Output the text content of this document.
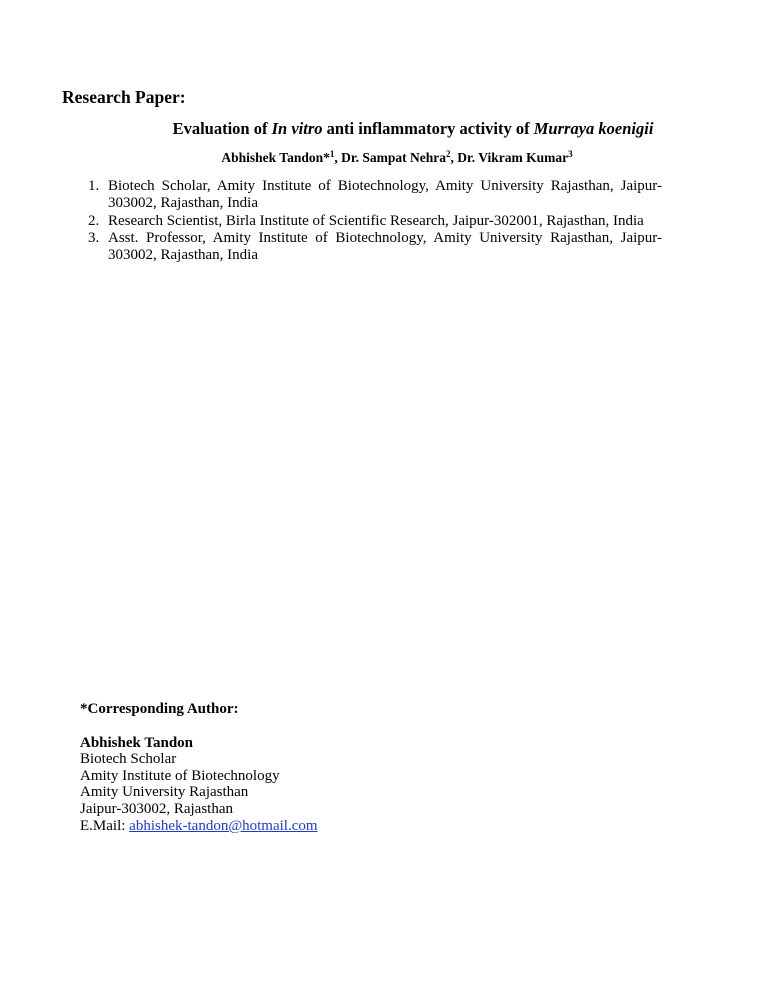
Research Paper:

Evaluation of In vitro anti inflammatory activity of Murraya koenigii

Abhishek Tandon*$^1$, Dr. Sampat Nehra$^2$, Dr. Vikram Kumar$^3$

1. Biotech Scholar, Amity Institute of Biotechnology, Amity University Rajasthan, Jaipur-303002, Rajasthan, India
2. Research Scientist, Birla Institute of Scientific Research, Jaipur-302001, Rajasthan, India
3. Asst. Professor, Amity Institute of Biotechnology, Amity University Rajasthan, Jaipur-303002, Rajasthan, India
*Corresponding Author:
Abhishek Tandon
Biotech Scholar
Amity Institute of Biotechnology
Amity University Rajasthan
Jaipur-303002, Rajasthan
E.Mail: abhishek-tandon@hotmail.com
